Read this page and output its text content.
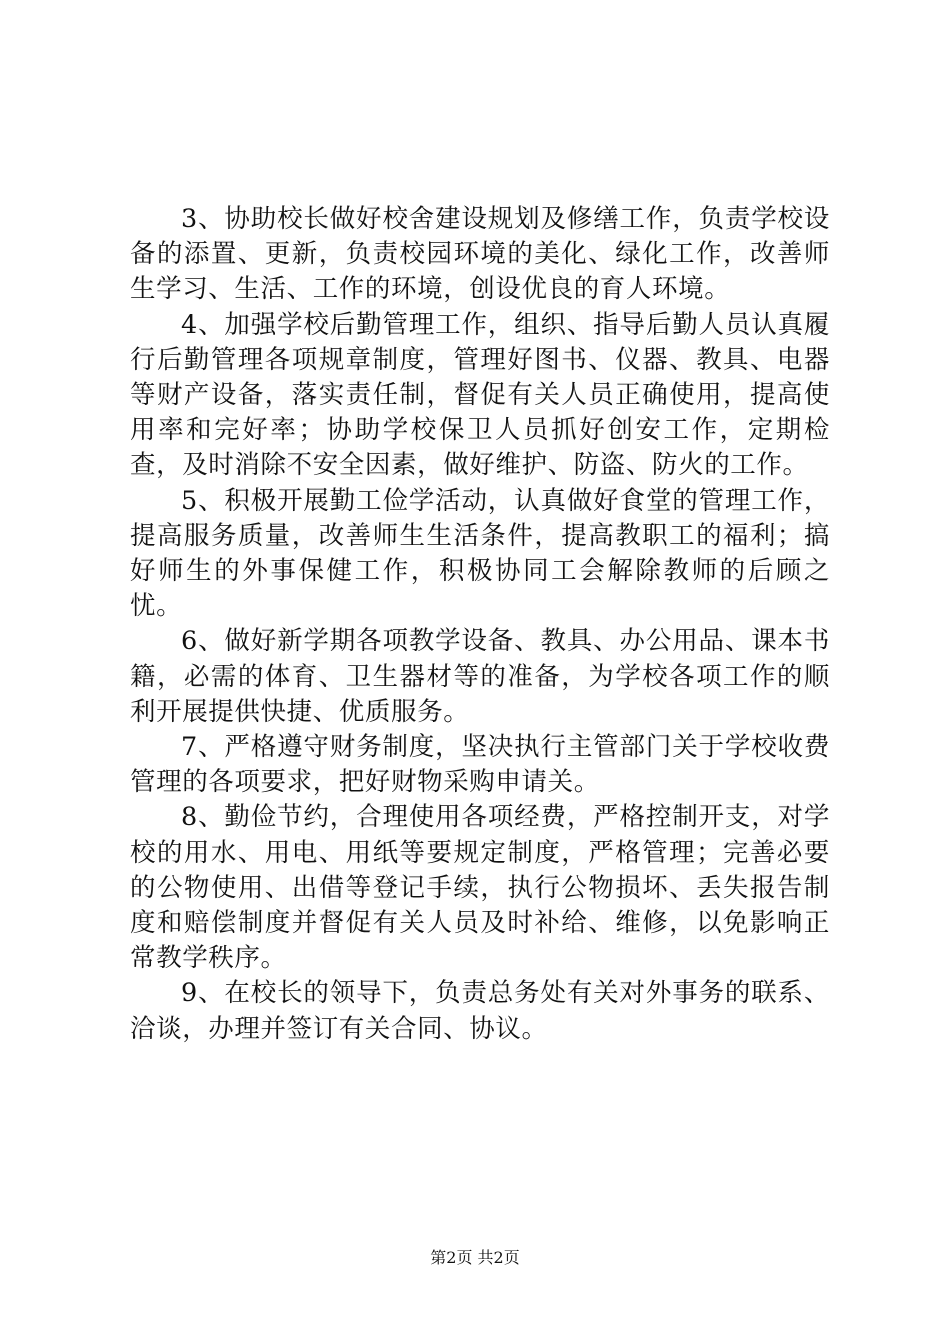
3、协助校长做好校舍建设规划及修缮工作，负责学校设备的添置、更新，负责校园环境的美化、绿化工作，改善师生学习、生活、工作的环境，创设优良的育人环境。

4、加强学校后勤管理工作，组织、指导后勤人员认真履行后勤管理各项规章制度，管理好图书、仪器、教具、电器等财产设备，落实责任制，督促有关人员正确使用，提高使用率和完好率；协助学校保卫人员抓好创安工作，定期检查，及时消除不安全因素，做好维护、防盗、防火的工作。

5、积极开展勤工俭学活动，认真做好食堂的管理工作，提高服务质量，改善师生生活条件，提高教职工的福利；搞好师生的外事保健工作，积极协同工会解除教师的后顾之忧。

6、做好新学期各项教学设备、教具、办公用品、课本书籍，必需的体育、卫生器材等的准备，为学校各项工作的顺利开展提供快捷、优质服务。

7、严格遵守财务制度，坚决执行主管部门关于学校收费管理的各项要求，把好财物采购申请关。

8、勤俭节约，合理使用各项经费，严格控制开支，对学校的用水、用电、用纸等要规定制度，严格管理；完善必要的公物使用、出借等登记手续，执行公物损坏、丢失报告制度和赔偿制度并督促有关人员及时补给、维修，以免影响正常教学秩序。

9、在校长的领导下，负责总务处有关对外事务的联系、洽谈，办理并签订有关合同、协议。

第2页 共2页
